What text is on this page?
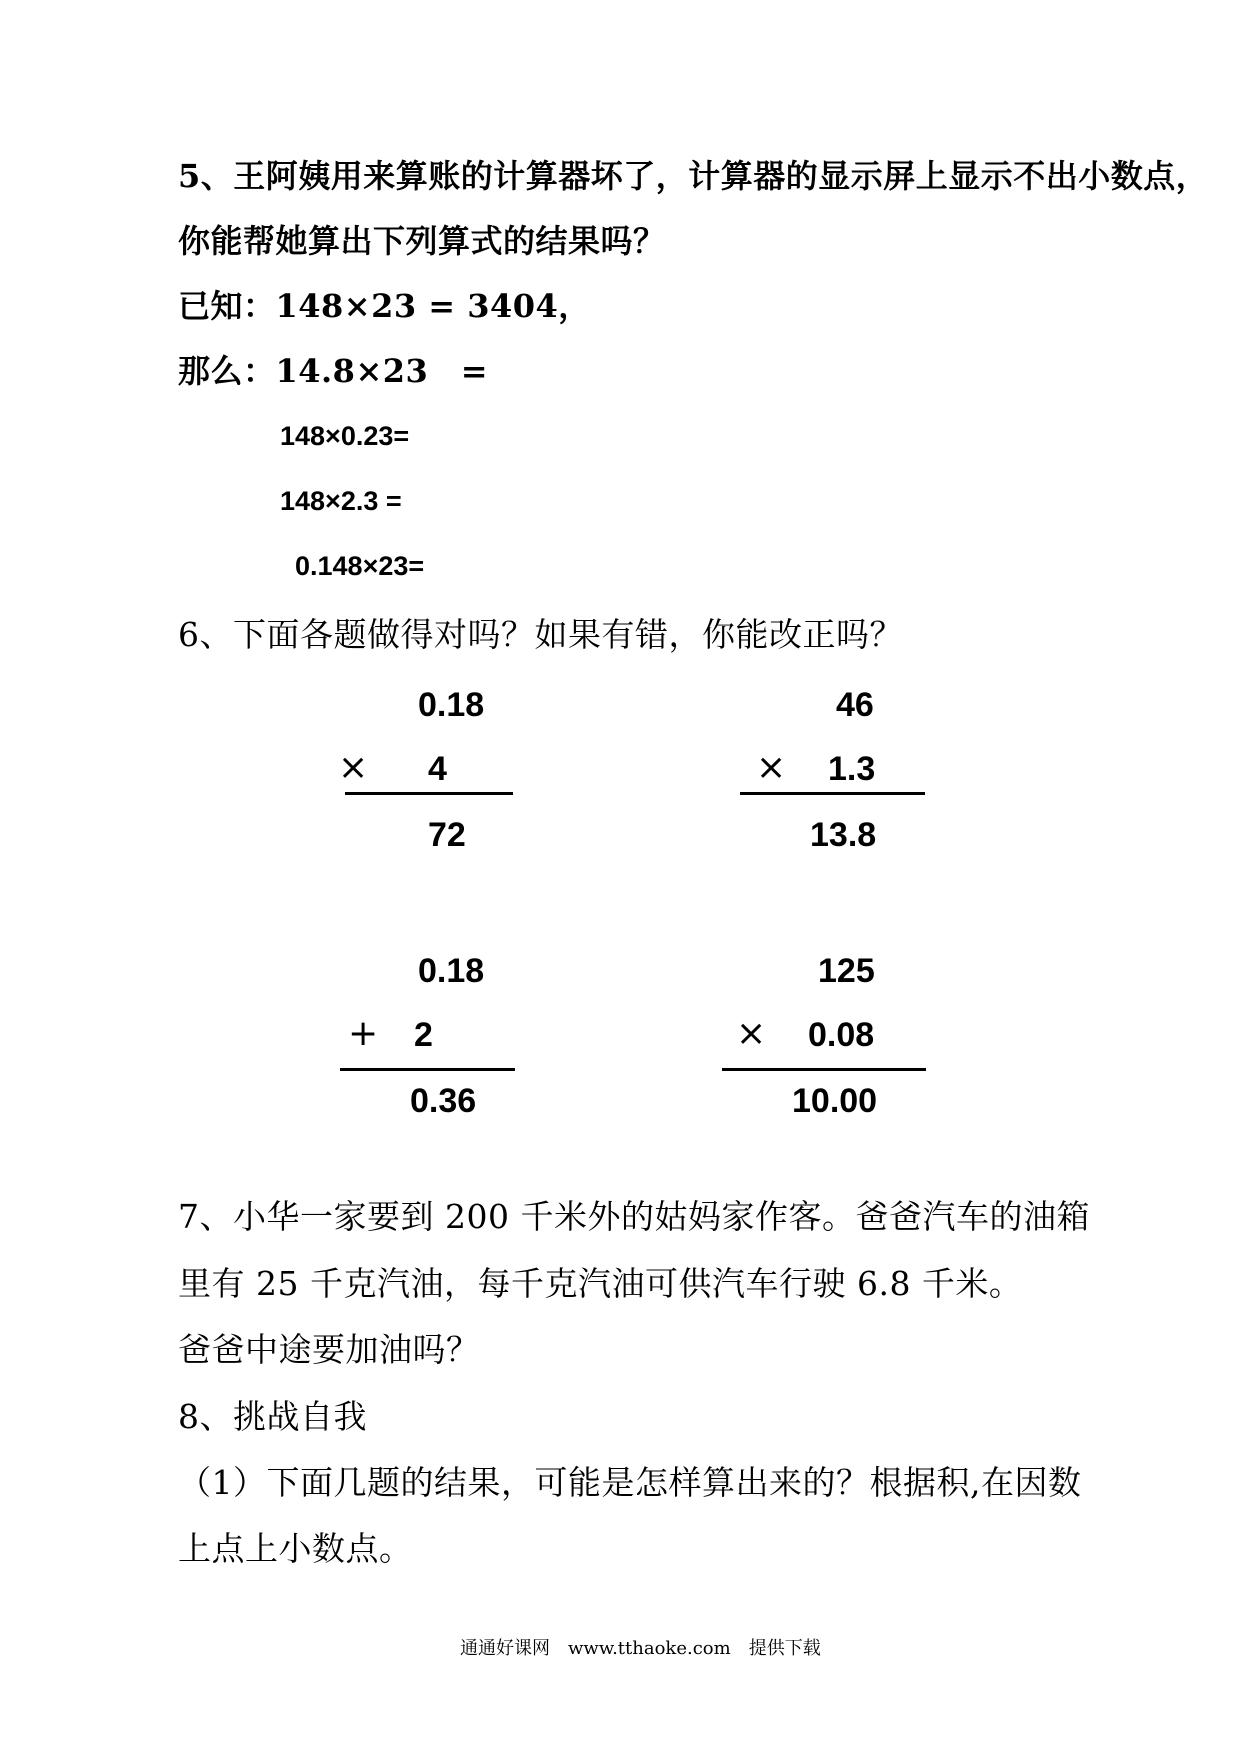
5、王阿姨用来算账的计算器坏了，计算器的显示屏上显示不出小数点，
你能帮她算出下列算式的结果吗？
已知：148×23 = 3404，
那么：14.8×23　=
148×0.23=
148×2.3 =
0.148×23=
6、下面各题做得对吗？如果有错，你能改正吗？
0.18
× 4
72
46
× 1.3
13.8
0.18
+ 2
0.36
125
× 0.08
10.00
7、小华一家要到 200 千米外的姑妈家作客。爸爸汽车的油箱
里有 25 千克汽油，每千克汽油可供汽车行驶 6.8 千米。
爸爸中途要加油吗？
8、挑战自我
（1）下面几题的结果，可能是怎样算出来的？根据积,在因数
上点上小数点。
通通好课网　www.tthaoke.com　提供下载
